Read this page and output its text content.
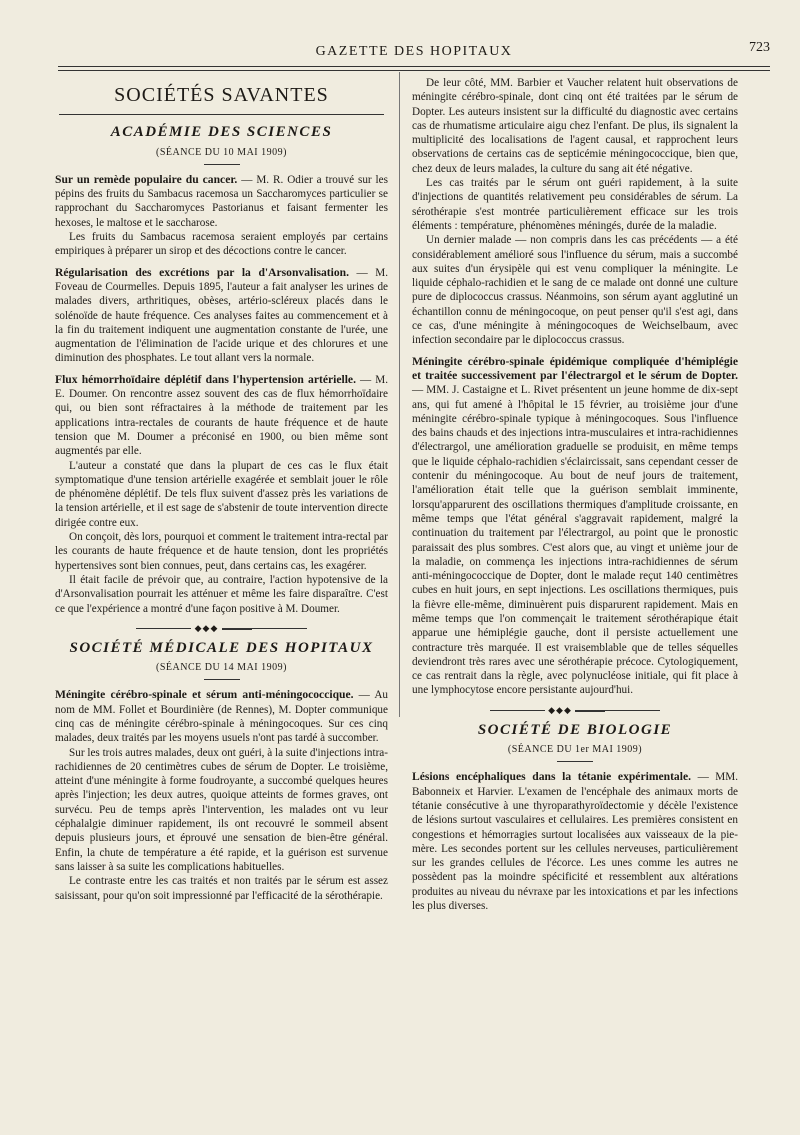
GAZETTE DES HOPITAUX	723
SOCIÉTÉS SAVANTES
ACADÉMIE DES SCIENCES
(SÉANCE DU 10 MAI 1909)

Sur un remède populaire du cancer. — M. R. Odier a trouvé sur les pépins des fruits du Sambacus racemosa un Saccharomyces particulier se rapprochant du Saccharomyces Pastorianus et faisant fermenter les hexoses, le maltose et le saccharose.

Les fruits du Sambacus racemosa seraient employés par certains empiriques à préparer un sirop et des décoctions contre le cancer.

Régularisation des excrétions par la d'Arsonvalisation. — M. Foveau de Courmelles. Depuis 1895, l'auteur a fait analyser les urines de malades divers, arthritiques, obèses, artério-scléreux placés dans le solénoïde de haute fréquence. Ces analyses faites au commencement et à la fin du traitement indiquent une augmentation constante de l'urée, une augmentation de l'élimination de l'acide urique et des chlorures et une diminution des phosphates. Le tout allant vers la normale.

Flux hémorrhoïdaire déplétif dans l'hypertension artérielle. — M. E. Doumer. On rencontre assez souvent des cas de flux hémorrhoïdaire qui, ou bien sont réfractaires à la méthode de traitement par les applications intra-rectales de courants de haute fréquence et de haute tension que M. Doumer a préconisé en 1900, ou bien même sont augmentés par elle.

L'auteur a constaté que dans la plupart de ces cas le flux était symptomatique d'une tension artérielle exagérée et semblait jouer le rôle de phénomène déplétif. De tels flux suivent d'assez près les variations de la tension artérielle, et il est sage de s'abstenir de toute intervention directe dirigée contre eux.

On conçoit, dès lors, pourquoi et comment le traitement intra-rectal par les courants de haute fréquence et de haute tension, dont les propriétés hypertensives sont bien connues, peut, dans certains cas, les exagérer.

Il était facile de prévoir que, au contraire, l'action hypotensive de la d'Arsonvalisation pourrait les atténuer et même les faire disparaître. C'est ce que l'expérience a montré d'une façon positive à M. Doumer.

◆◆◆
SOCIÉTÉ MÉDICALE DES HOPITAUX
(SÉANCE DU 14 MAI 1909)

Méningite cérébro-spinale et sérum anti-méningococcique. — Au nom de MM. Follet et Bourdinière (de Rennes), M. Dopter communique cinq cas de méningite cérébro-spinale à méningocoques. Sur ces cinq malades, deux traités par les moyens usuels n'ont pas tardé à succomber.

Sur les trois autres malades, deux ont guéri, à la suite d'injections intra-rachidiennes de 20 centimètres cubes de sérum de Dopter. Le troisième, atteint d'une méningite à forme foudroyante, a succombé quelques heures après l'injection; les deux autres, quoique atteints de formes graves, ont survécu. Peu de temps après l'intervention, les malades ont vu leur céphalalgie diminuer rapidement, ils ont recouvré le sommeil absent depuis plusieurs jours, et éprouvé une sensation de bien-être général. Enfin, la chute de température a été rapide, et la guérison est survenue sans laisser à sa suite les complications habituelles.

Le contraste entre les cas traités et non traités par le sérum est assez saisissant, pour qu'on soit impressionné par l'efficacité de la sérothérapie.

De leur côté, MM. Barbier et Vaucher relatent huit observations de méningite cérébro-spinale, dont cinq ont été traitées par le sérum de Dopter. Les auteurs insistent sur la difficulté du diagnostic avec certains cas de rhumatisme articulaire aigu chez l'enfant. De plus, ils signalent la multiplicité des localisations de l'agent causal, et rapprochent leurs observations de certains cas de septicémie méningococcique, bien que, chez deux de leurs malades, la culture du sang ait été négative.

Les cas traités par le sérum ont guéri rapidement, à la suite d'injections de quantités relativement peu considérables de sérum. La sérothérapie s'est montrée particulièrement efficace sur les trois éléments : température, phénomènes méningés, durée de la maladie.

Un dernier malade — non compris dans les cas précédents — a été considérablement amélioré sous l'influence du sérum, mais a succombé aux suites d'un érysipèle qui est venu compliquer la méningite. Le liquide céphalo-rachidien et le sang de ce malade ont donné une culture pure de diplococcus crassus. Néanmoins, son sérum ayant agglutiné un échantillon connu de méningocoque, on peut penser qu'il s'est agi, dans ce cas, d'une méningite à méningocoques de Weichselbaum, avec infection secondaire par le diplococcus crassus.

Méningite cérébro-spinale épidémique compliquée d'hémiplégie et traitée successivement par l'électrargol et le sérum de Dopter. — MM. J. Castaigne et L. Rivet présentent un jeune homme de dix-sept ans, qui fut amené à l'hôpital le 15 février, au troisième jour d'une méningite cérébro-spinale typique à méningocoques. Sous l'influence des bains chauds et des injections intra-musculaires et intra-rachidiennes d'électrargol, une amélioration graduelle se produisit, en même temps que le liquide céphalo-rachidien s'éclaircissait, sans cependant cesser de contenir du méningocoque. Au bout de neuf jours de traitement, l'amélioration était telle que la guérison semblait imminente, lorsqu'apparurent des oscillations thermiques d'amplitude croissante, en même temps que l'état général s'aggravait rapidement, malgré la continuation du traitement par l'électrargol, au point que le pronostic paraissait des plus sombres. C'est alors que, au vingt et unième jour de la maladie, on commença les injections intra-rachidiennes de sérum anti-méningococcique de Dopter, dont le malade reçut 140 centimètres cubes en huit jours, en sept injections. Les oscillations thermiques, puis la fièvre elle-même, diminuèrent puis disparurent rapidement. Mais en même temps que l'on commençait le traitement sérothérapique était apparue une hémiplégie gauche, dont il persiste actuellement une contracture très marquée. Il est vraisemblable que de telles séquelles deviendront très rares avec une sérothérapie précoce. Cytologiquement, ce cas rentrait dans la règle, avec polynucléose initiale, qui fit place à une lymphocytose encore persistante aujourd'hui.

◆◆◆
SOCIÉTÉ DE BIOLOGIE
(SÉANCE DU 1er MAI 1909)

Lésions encéphaliques dans la tétanie expérimentale. — MM. Babonneix et Harvier. L'examen de l'encéphale des animaux morts de tétanie consécutive à une thyroparathyroïdectomie y décèle l'existence de lésions surtout vasculaires et cellulaires. Les premières consistent en congestions et hémorragies surtout localisées aux vaisseaux de la pie-mère. Les secondes portent sur les cellules nerveuses, particulièrement sur les grandes cellules de l'écorce. Les unes comme les autres ne possèdent pas la moindre spécificité et ressemblent aux altérations produites au niveau du névraxe par les intoxications et par les infections les plus diverses.
